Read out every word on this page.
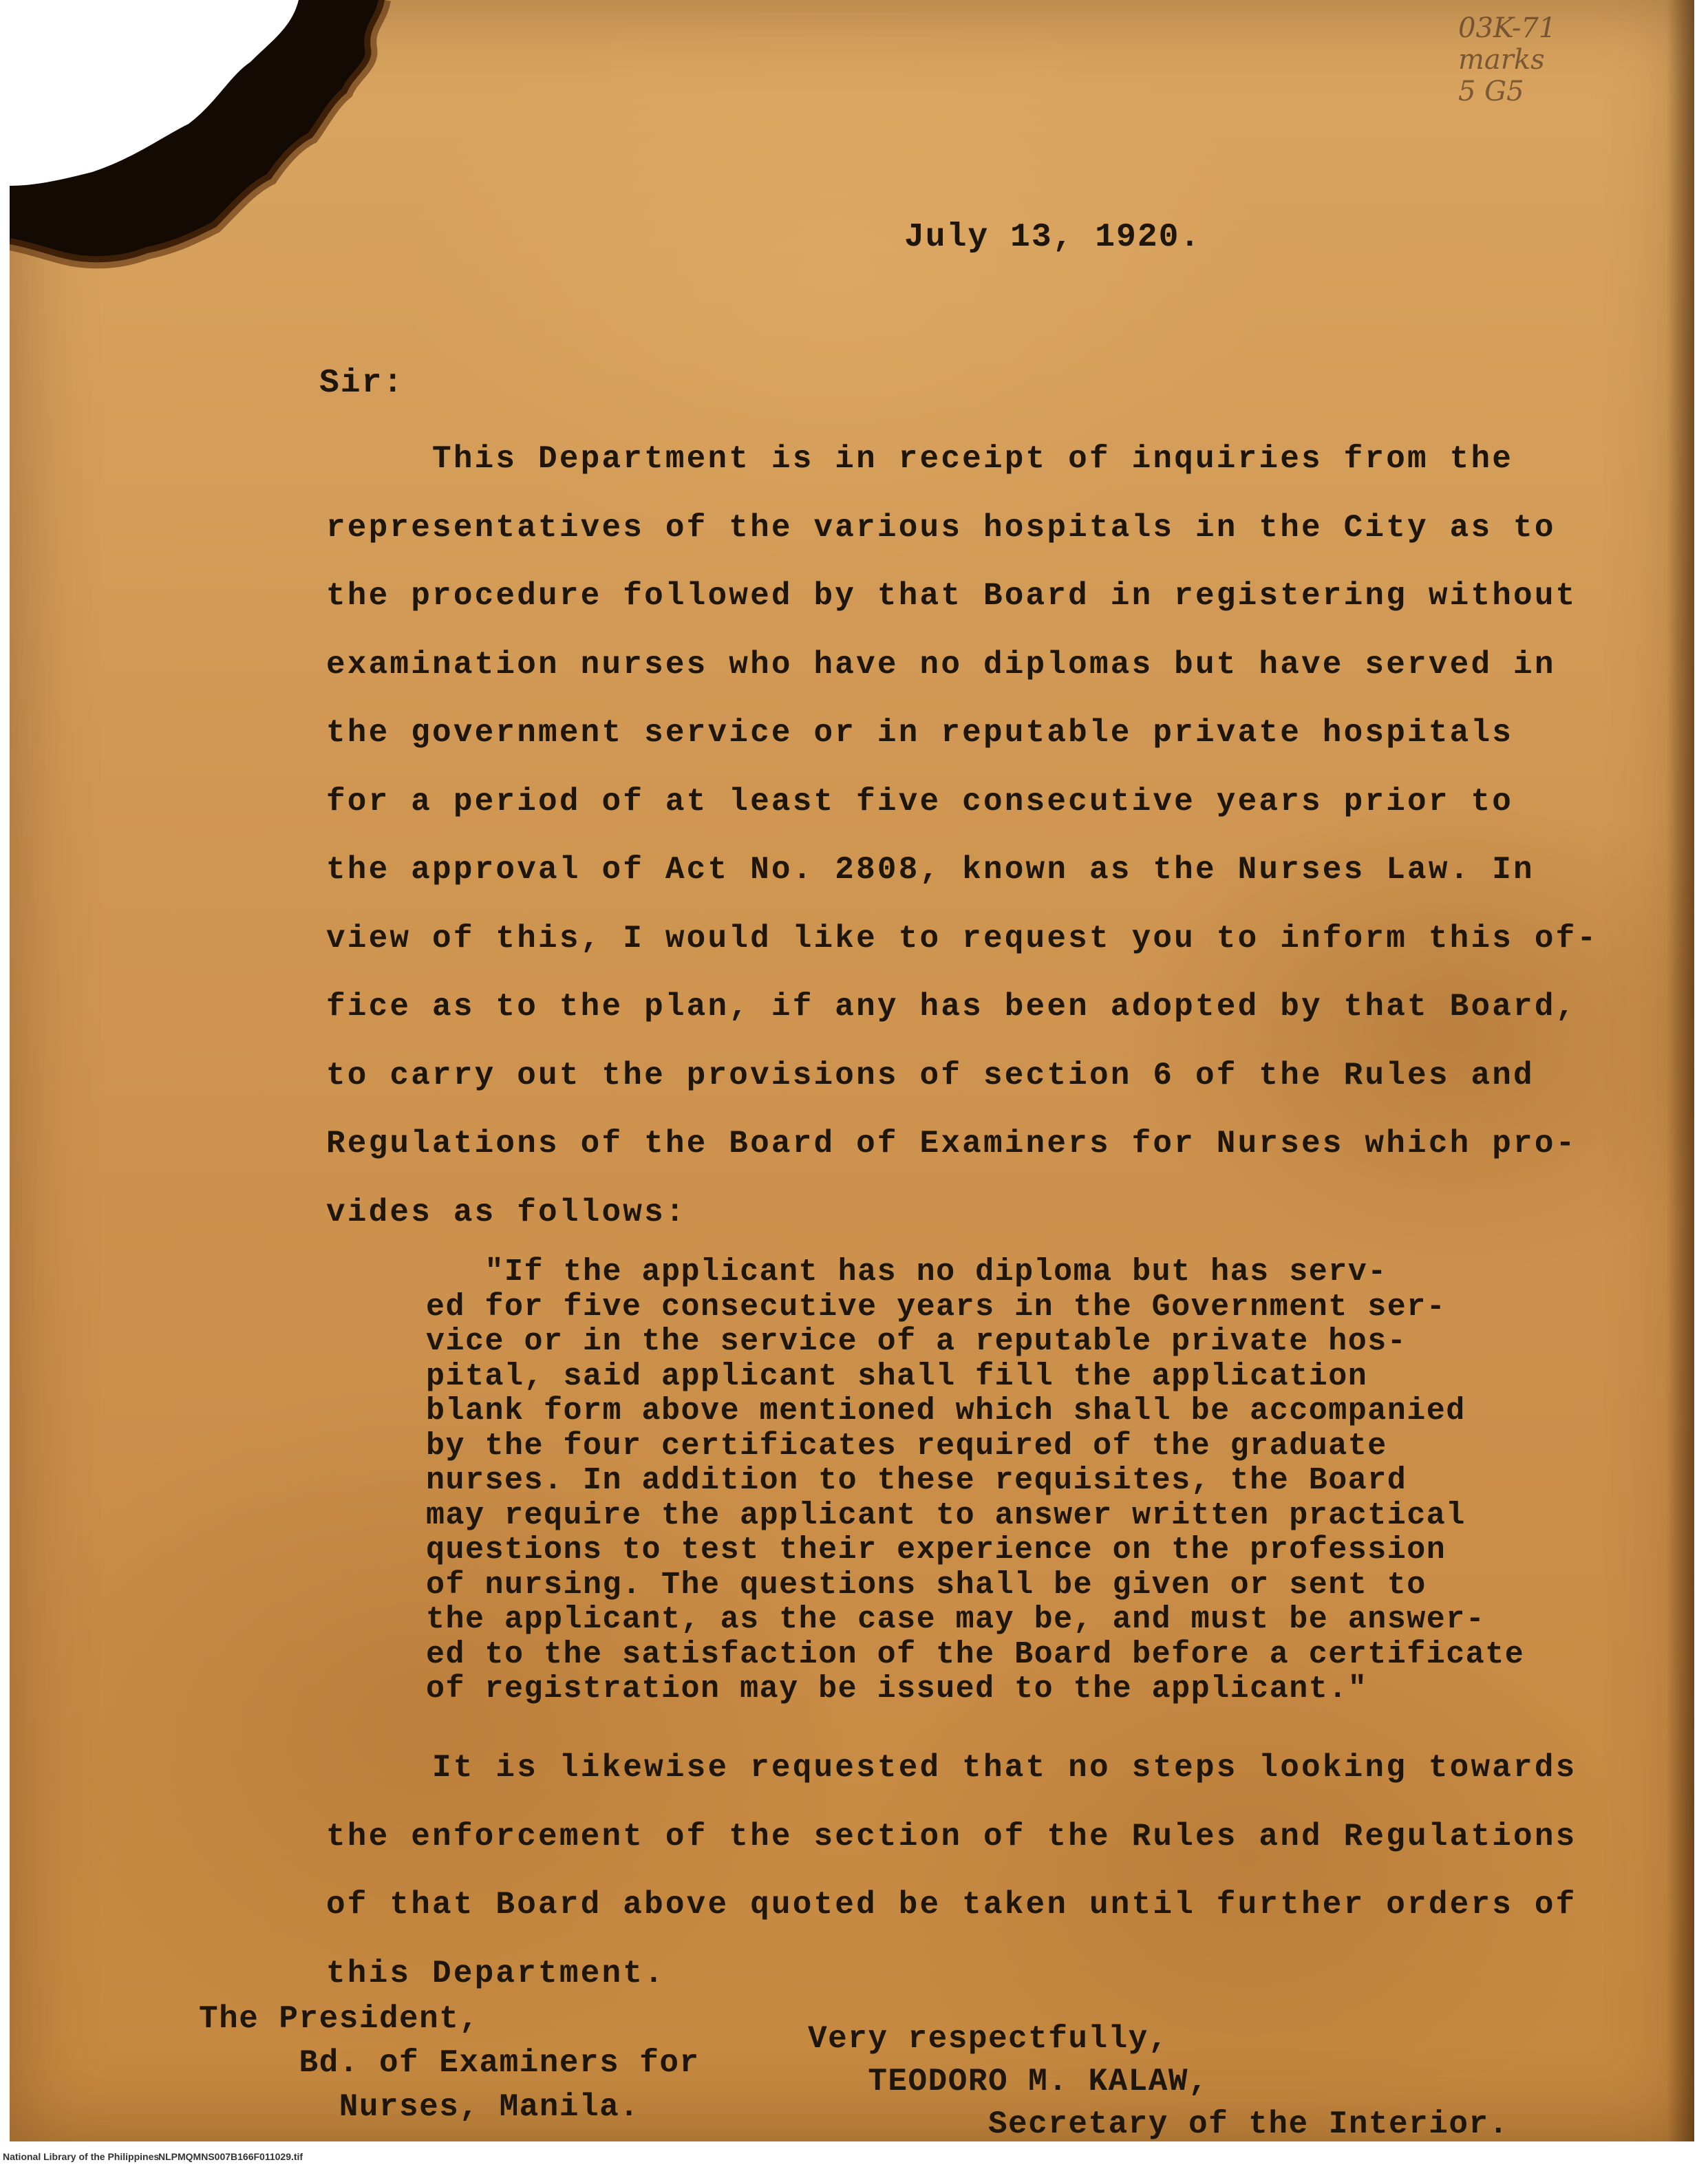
03K-71
marks
5 G5
July 13, 1920.
Sir:
This Department is in receipt of inquiries from the
representatives of the various hospitals in the City as to
the procedure followed by that Board in registering without
examination nurses who have no diplomas but have served in
the government service or in reputable private hospitals
for a period of at least five consecutive years prior to
the approval of Act No. 2808, known as the Nurses Law. In
view of this, I would like to request you to inform this of-
fice as to the plan, if any has been adopted by that Board,
to carry out the provisions of section 6 of the Rules and
Regulations of the Board of Examiners for Nurses which pro-
vides as follows:
"If the applicant has no diploma but has serv-
ed for five consecutive years in the Government ser-
vice or in the service of a reputable private hos-
pital, said applicant shall fill the application
blank form above mentioned which shall be accompanied
by the four certificates required of the graduate
nurses. In addition to these requisites, the Board
may require the applicant to answer written practical
questions to test their experience on the profession
of nursing. The questions shall be given or sent to
the applicant, as the case may be, and must be answer-
ed to the satisfaction of the Board before a certificate
of registration may be issued to the applicant."
It is likewise requested that no steps looking towards
the enforcement of the section of the Rules and Regulations
of that Board above quoted be taken until further orders of
this Department.
The President,
Bd. of Examiners for
Nurses, Manila.
Very respectfully,
TEODORO M. KALAW,
Secretary of the Interior.

National Library of the Philippines

NLPMQMNS007B166F011029.tif
